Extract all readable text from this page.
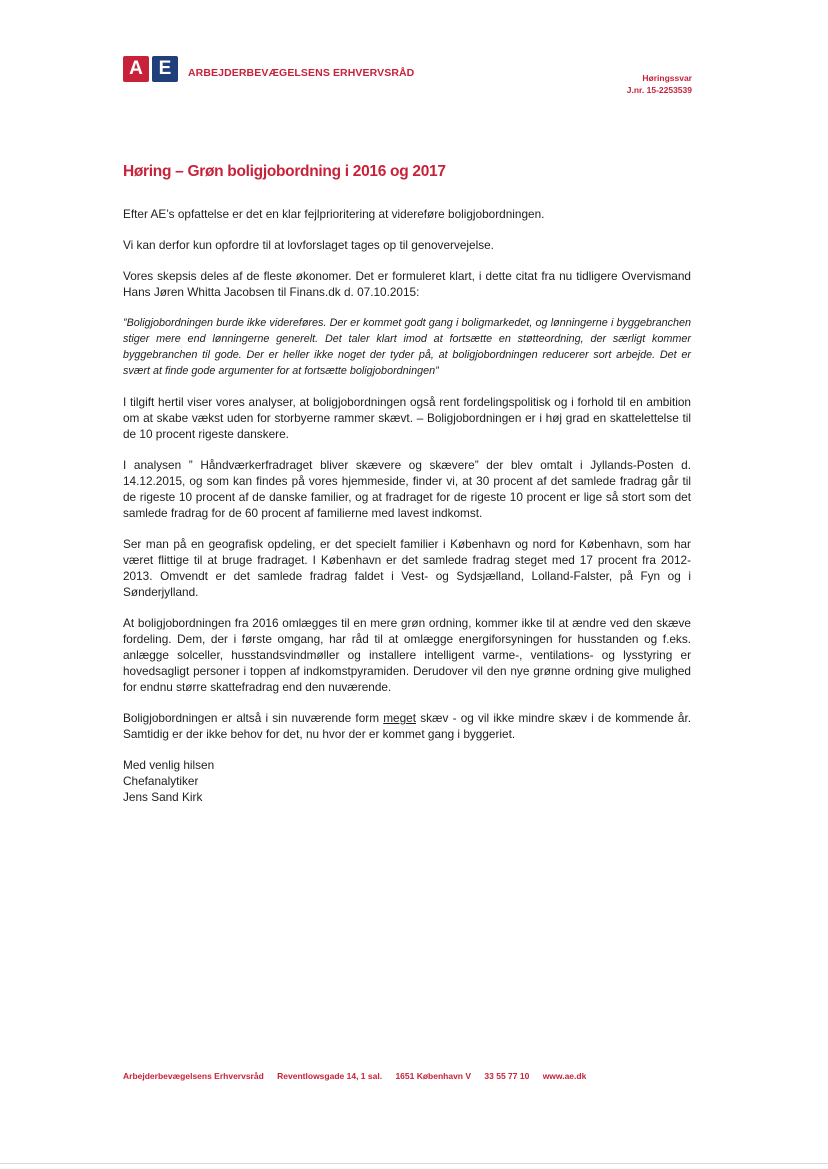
A E	ARBEJDERBEVÆGELSENS ERHVERVSRÅD	Høringssvar
J.nr. 15-2253539
Høring – Grøn boligjobordning i 2016 og 2017

Efter AE’s opfattelse er det en klar fejlprioritering at videreføre boligjobordningen.

Vi kan derfor kun opfordre til at lovforslaget tages op til genovervejelse.

Vores skepsis deles af de fleste økonomer. Det er formuleret klart, i dette citat fra nu tidligere Overvismand Hans Jøren Whitta Jacobsen til Finans.dk d. 07.10.2015:

”Boligjobordningen burde ikke videreføres. Der er kommet godt gang i boligmarkedet, og lønningerne i byggebranchen stiger mere end lønningerne generelt. Det taler klart imod at fortsætte en støtteordning, der særligt kommer byggebranchen til gode. Der er heller ikke noget der tyder på, at boligjobordningen reducerer sort arbejde. Det er svært at finde gode argumenter for at fortsætte boligjobordningen”

I tilgift hertil viser vores analyser, at boligjobordningen også rent fordelingspolitisk og i forhold til en ambition om at skabe vækst uden for storbyerne rammer skævt. – Boligjobordningen er i høj grad en skattelettelse til de 10 procent rigeste danskere.

I analysen ” Håndværkerfradraget bliver skævere og skævere” der blev omtalt i Jyllands-Posten d. 14.12.2015, og som kan findes på vores hjemmeside, finder vi, at 30 procent af det samlede fradrag går til de rigeste 10 procent af de danske familier, og at fradraget for de rigeste 10 procent er lige så stort som det samlede fradrag for de 60 procent af familierne med lavest indkomst.

Ser man på en geografisk opdeling, er det specielt familier i København og nord for København, som har været flittige til at bruge fradraget. I København er det samlede fradrag steget med 17 procent fra 2012-2013. Omvendt er det samlede fradrag faldet i Vest- og Sydsjælland, Lolland-Falster, på Fyn og i Sønderjylland.

At boligjobordningen fra 2016 omlægges til en mere grøn ordning, kommer ikke til at ændre ved den skæve fordeling. Dem, der i første omgang, har råd til at omlægge energiforsyningen for husstanden og f.eks. anlægge solceller, husstandsvindmøller og installere intelligent varme-, ventilations- og lysstyring er hovedsagligt personer i toppen af indkomstpyramiden. Derudover vil den nye grønne ordning give mulighed for endnu større skattefradrag end den nuværende.

Boligjobordningen er altså i sin nuværende form meget skæv - og vil ikke mindre skæv i de kommende år. Samtidig er der ikke behov for det, nu hvor der er kommet gang i byggeriet.

Med venlig hilsen
Chefanalytiker
Jens Sand Kirk
Arbejderbevægelsens Erhvervsråd Reventlowsgade 14, 1 sal. 1651 København V 33 55 77 10 www.ae.dk
